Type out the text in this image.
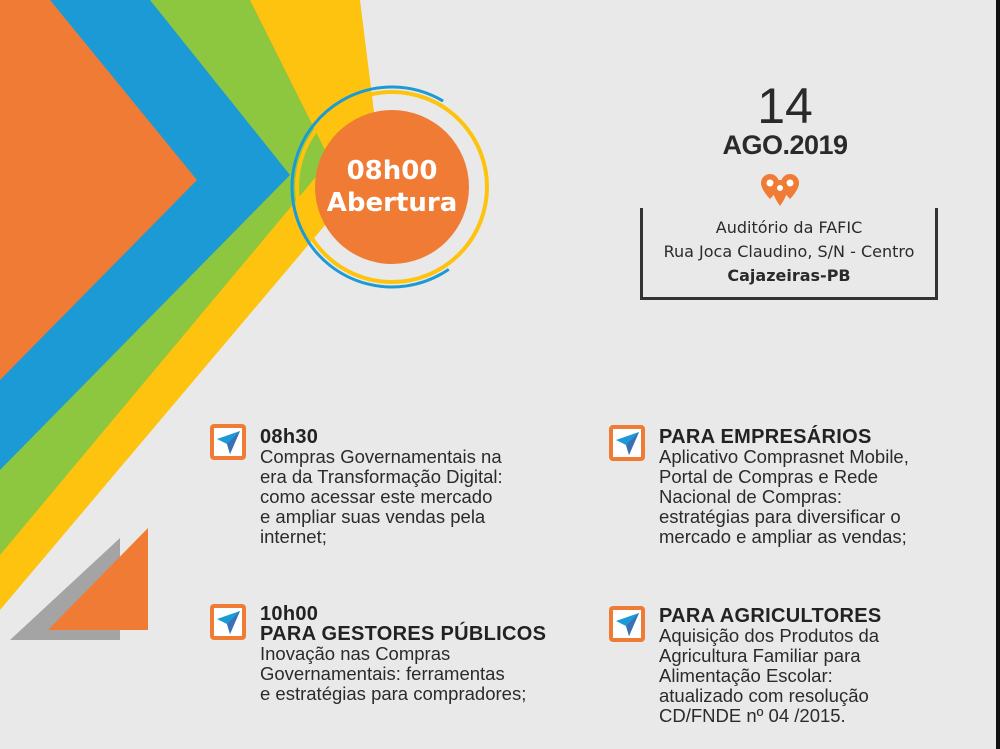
08h00
Abertura
14
AGO.2019
Auditório da FAFIC
Rua Joca Claudino, S/N - Centro
Cajazeiras-PB
08h30
Compras Governamentais na
era da Transformação Digital:
como acessar este mercado
e ampliar suas vendas pela
internet;
10h00
PARA GESTORES PÚBLICOS
Inovação nas Compras
Governamentais: ferramentas
e estratégias para compradores;
PARA EMPRESÁRIOS
Aplicativo Comprasnet Mobile,
Portal de Compras e Rede
Nacional de Compras:
estratégias para diversificar o
mercado e ampliar as vendas;
PARA AGRICULTORES
Aquisição dos Produtos da
Agricultura Familiar para
Alimentação Escolar:
atualizado com resolução
CD/FNDE nº 04 /2015.
